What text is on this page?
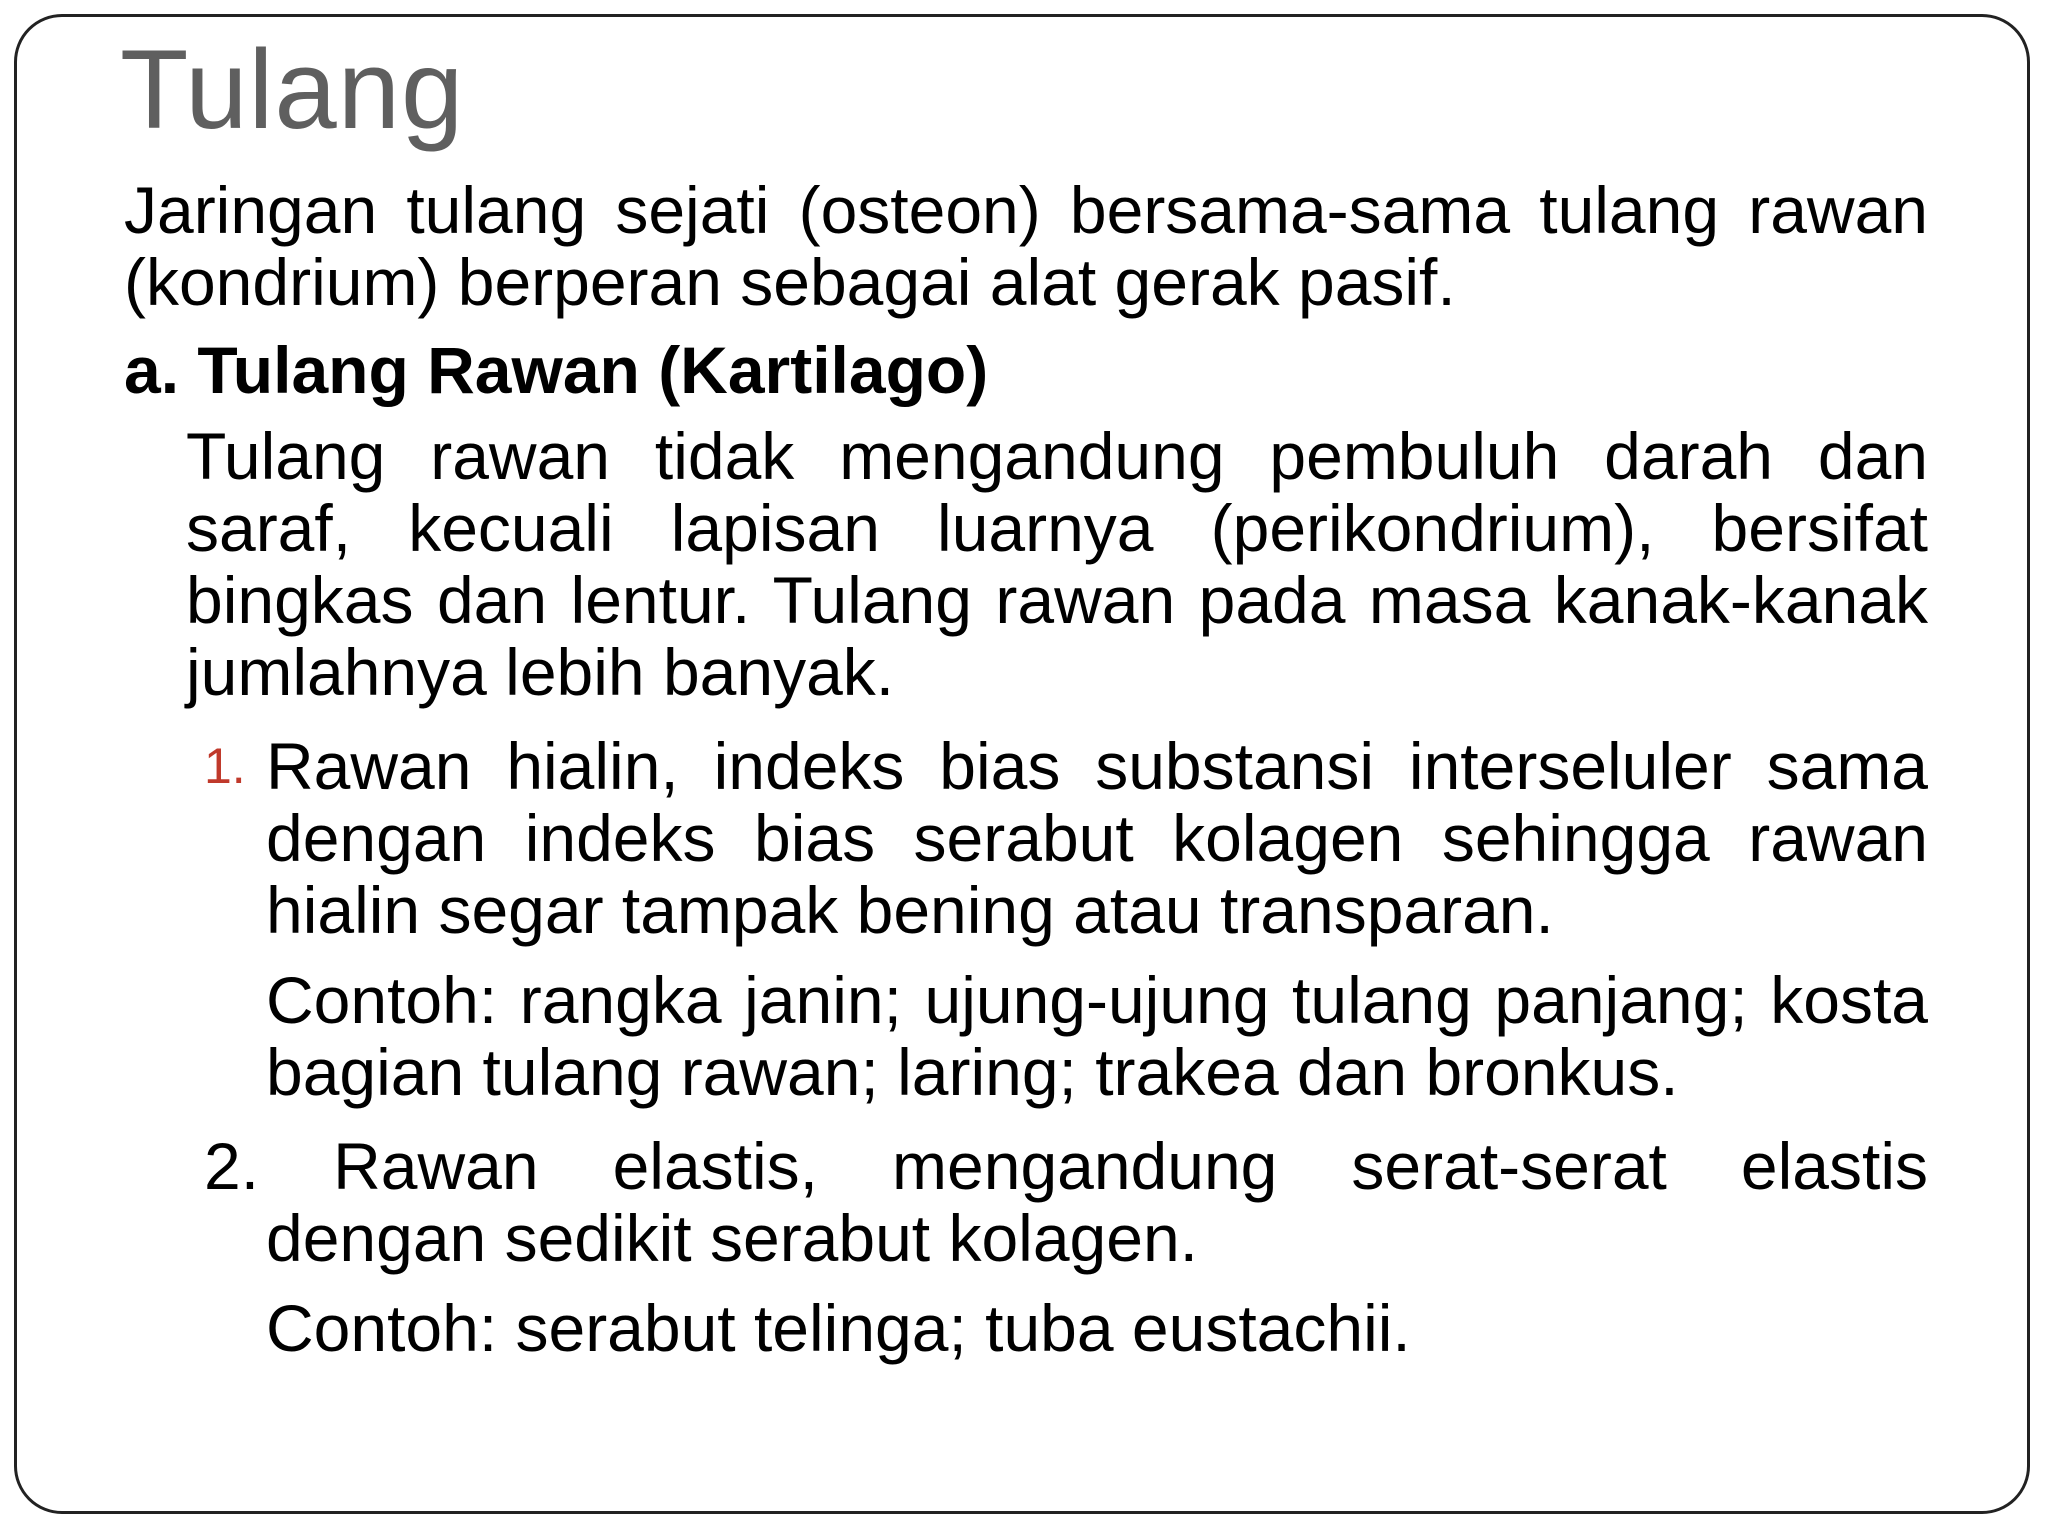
Tulang

Jaringan tulang sejati (osteon) bersama-sama tulang rawan (kondrium) berperan sebagai alat gerak pasif.

a. Tulang Rawan (Kartilago)

Tulang rawan tidak mengandung pembuluh darah dan saraf, kecuali lapisan luarnya (perikondrium), bersifat bingkas dan lentur. Tulang rawan pada masa kanak-kanak jumlahnya lebih banyak.

1. Rawan hialin, indeks bias substansi interseluler sama dengan indeks bias serabut kolagen sehingga rawan hialin segar tampak bening atau transparan.

Contoh: rangka janin; ujung-ujung tulang panjang; kosta bagian tulang rawan; laring; trakea dan bronkus.

2. Rawan elastis, mengandung serat-serat elastis

dengan sedikit serabut kolagen.

Contoh: serabut telinga; tuba eustachii.
